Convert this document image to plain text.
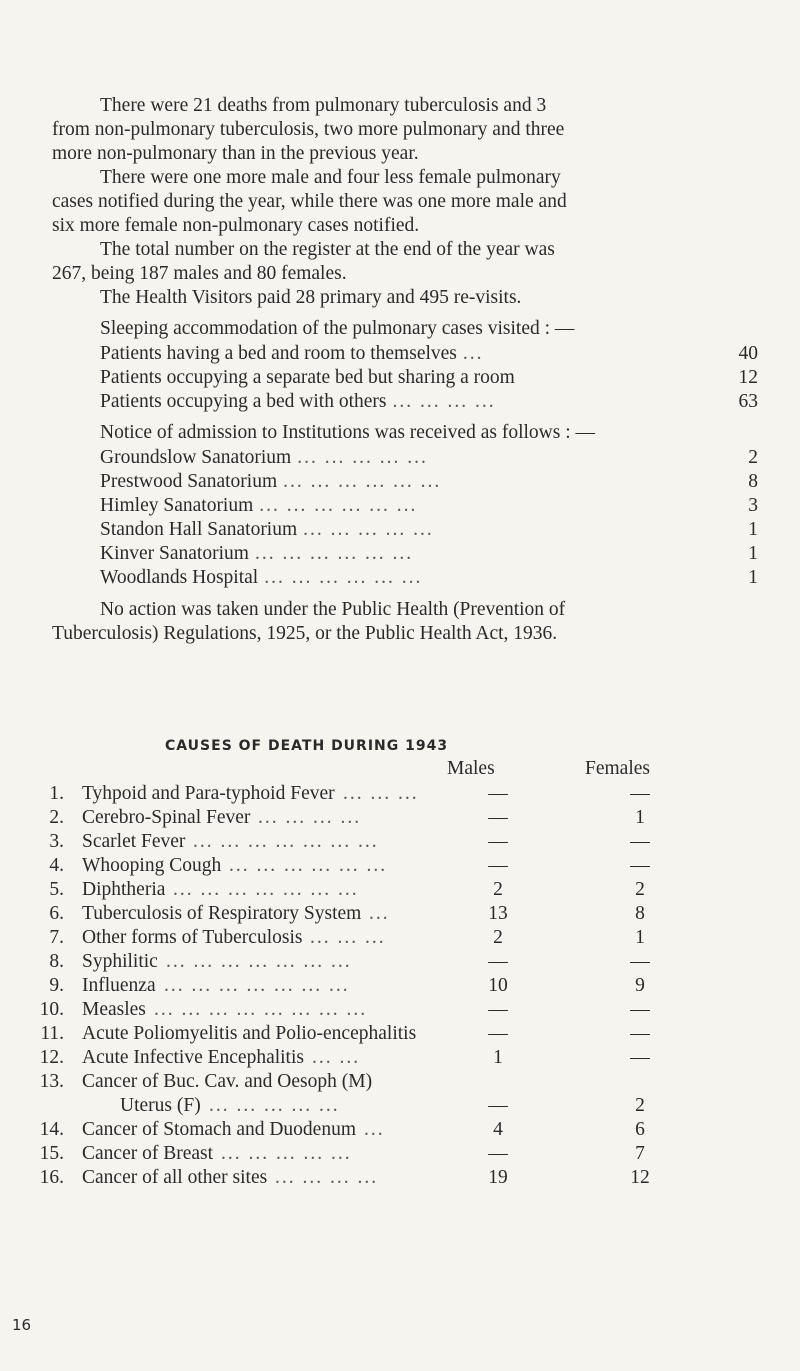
There were 21 deaths from pulmonary tuberculosis and 3
from non-pulmonary tuberculosis, two more pulmonary and three
more non-pulmonary than in the previous year.
There were one more male and four less female pulmonary
cases notified during the year, while there was one more male and
six more female non-pulmonary cases notified.
The total number on the register at the end of the year was
267, being 187 males and 80 females.
The Health Visitors paid 28 primary and 495 re-visits.
Sleeping accommodation of the pulmonary cases visited : —
Patients having a bed and room to themselves ...	40
Patients occupying a separate bed but sharing a room	12
Patients occupying a bed with others ... ... ... ...	63
Notice of admission to Institutions was received as follows : —
Groundslow Sanatorium ... ... ... ... ...	2
Prestwood Sanatorium ... ... ... ... ... ...	8
Himley Sanatorium ... ... ... ... ... ...	3
Standon Hall Sanatorium ... ... ... ... ...	1
Kinver Sanatorium ... ... ... ... ... ...	1
Woodlands Hospital ... ... ... ... ... ...	1
No action was taken under the Public Health (Prevention of
Tuberculosis) Regulations, 1925, or the Public Health Act, 1936.
CAUSES OF DEATH DURING 1943
Males	Females
1. Tyhpoid and Para-typhoid Fever ... ... ...	—	—
2. Cerebro-Spinal Fever ... ... ... ...	—	1
3. Scarlet Fever ... ... ... ... ... ... ...	—	—
4. Whooping Cough ... ... ... ... ... ...	—	—
5. Diphtheria ... ... ... ... ... ... ...	2	2
6. Tuberculosis of Respiratory System ...	13	8
7. Other forms of Tuberculosis ... ... ...	2	1
8. Syphilitic ... ... ... ... ... ... ...	—	—
9. Influenza ... ... ... ... ... ... ...	10	9
10. Measles ... ... ... ... ... ... ... ...	—	—
11. Acute Poliomyelitis and Polio-encephalitis	—	—
12. Acute Infective Encephalitis ... ...	1	—
13. Cancer of Buc. Cav. and Oesoph (M)
Uterus (F) ... ... ... ... ...	—	2
14. Cancer of Stomach and Duodenum ...	4	6
15. Cancer of Breast ... ... ... ... ...	—	7
16. Cancer of all other sites ... ... ... ...	19	12
16
